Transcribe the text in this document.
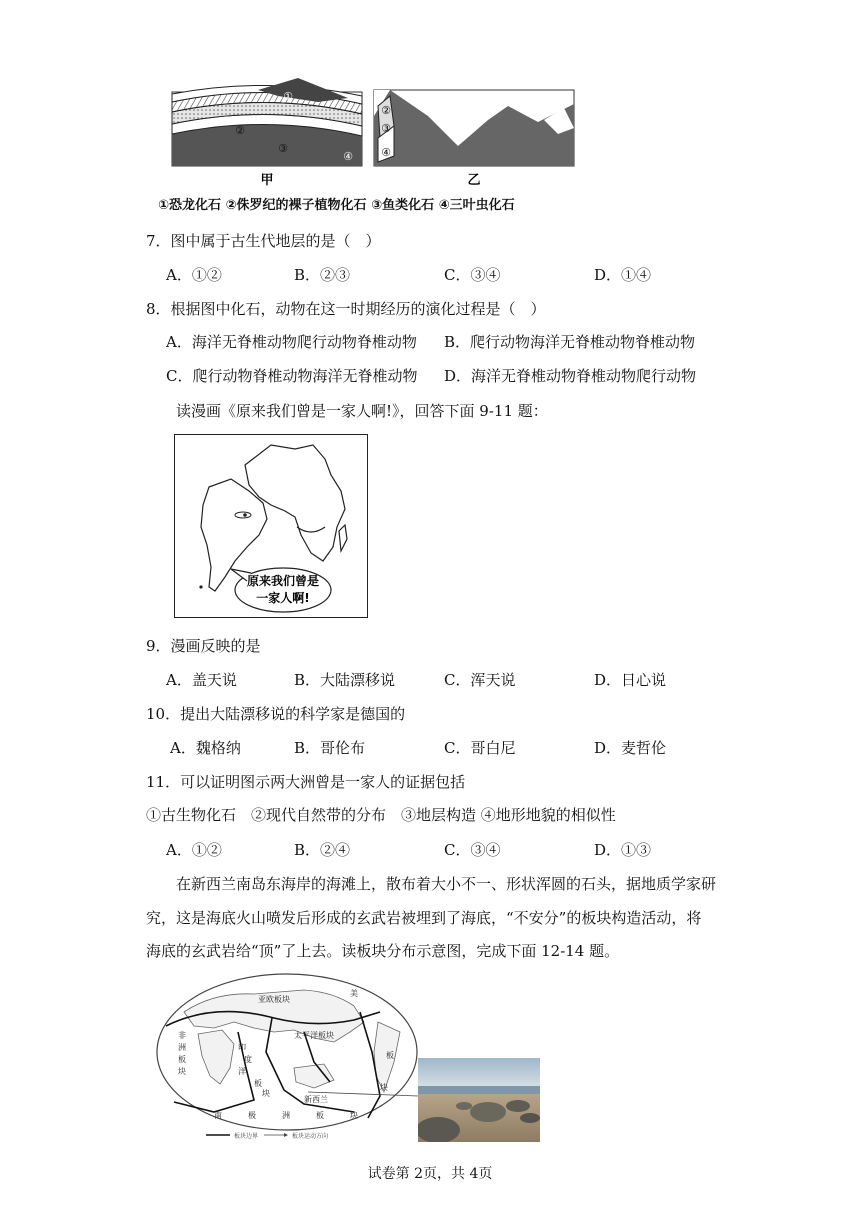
①
②
③
④
②
③
④
甲	乙
①恐龙化石 ②侏罗纪的裸子植物化石 ③鱼类化石 ④三叶虫化石
7．图中属于古生代地层的是（　）
A．①②	B．②③	C．③④	D．①④
8．根据图中化石，动物在这一时期经历的演化过程是（　）
A．海洋无脊椎动物爬行动物脊椎动物 B．爬行动物海洋无脊椎动物脊椎动物
C．爬行动物脊椎动物海洋无脊椎动物 D．海洋无脊椎动物脊椎动物爬行动物
读漫画《原来我们曾是一家人啊!》，回答下面 9-11 题：
原来我们曾是
一家人啊!
9．漫画反映的是
A．盖天说	B．大陆漂移说	C．浑天说	D．日心说
10．提出大陆漂移说的科学家是德国的
A．魏格纳	B．哥伦布	C．哥白尼	D．麦哲伦
11．可以证明图示两大洲曾是一家人的证据包括
①古生物化石　②现代自然带的分布　③地层构造 ④地形地貌的相似性
A．①②	B．②④	C．③④	D．①③
在新西兰南岛东海岸的海滩上，散布着大小不一、形状浑圆的石头，据地质学家研
究，这是海底火山喷发后形成的玄武岩被埋到了海底，“不安分”的板块构造活动，将
海底的玄武岩给“顶”了上去。读板块分布示意图，完成下面 12-14 题。
亚欧板块
美
非
洲
板
块
印
度
洋
板
块
太平洋板块
板
块
新西兰
南	极	洲	板	块
板块边界	板块运动方向
试卷第 2页，共 4页
